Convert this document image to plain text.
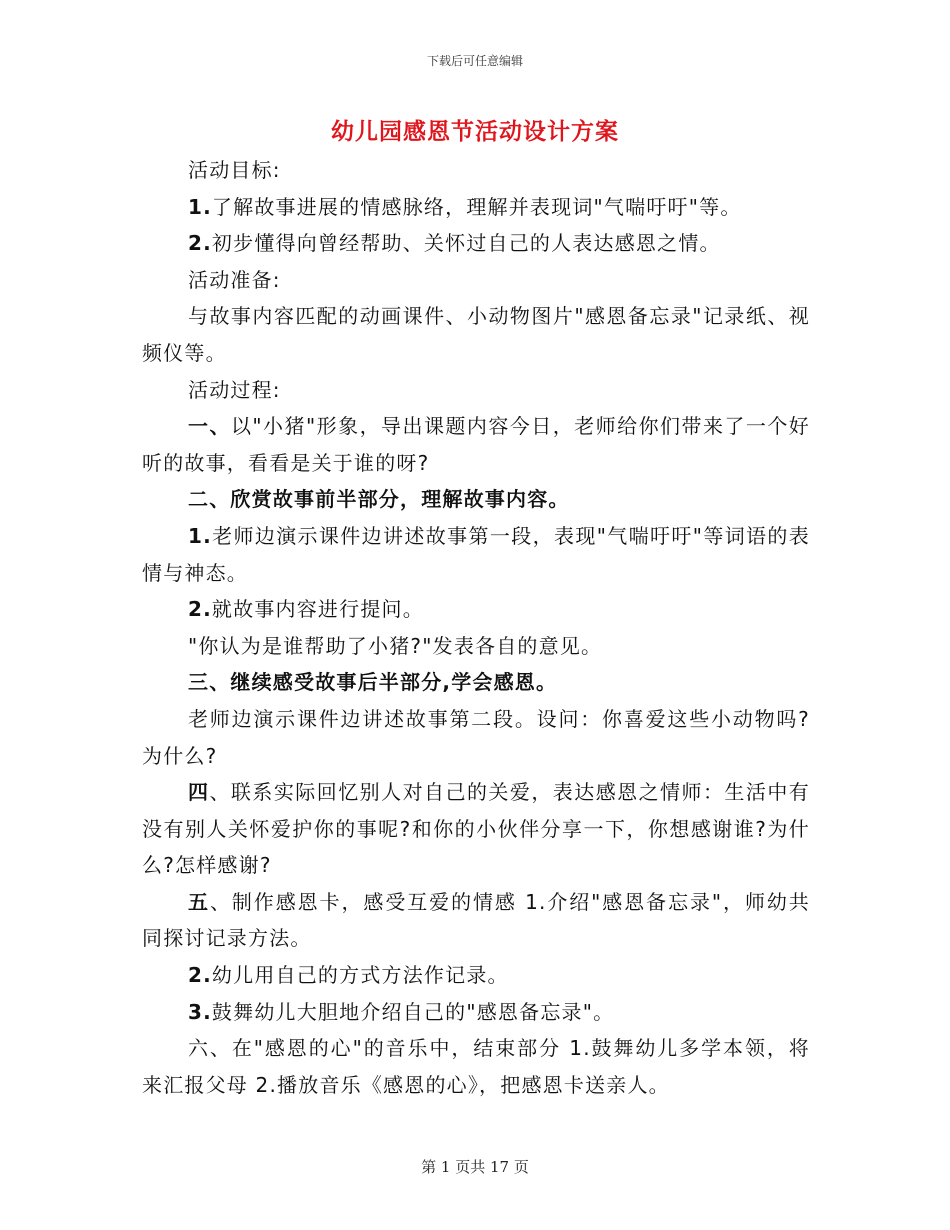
下载后可任意编辑
幼儿园感恩节活动设计方案

活动目标:

1.了解故事进展的情感脉络，理解并表现词"气喘吁吁"等。

2.初步懂得向曾经帮助、关怀过自己的人表达感恩之情。

活动准备:

与故事内容匹配的动画课件、小动物图片"感恩备忘录"记录纸、视频仪等。

活动过程:

一、以"小猪"形象，导出课题内容今日，老师给你们带来了一个好听的故事，看看是关于谁的呀?

二、欣赏故事前半部分，理解故事内容。

1.老师边演示课件边讲述故事第一段，表现"气喘吁吁"等词语的表情与神态。

2.就故事内容进行提问。

"你认为是谁帮助了小猪?"发表各自的意见。

三、继续感受故事后半部分,学会感恩。

老师边演示课件边讲述故事第二段。设问：你喜爱这些小动物吗?为什么?

四、联系实际回忆别人对自己的关爱，表达感恩之情师：生活中有没有别人关怀爱护你的事呢?和你的小伙伴分享一下，你想感谢谁?为什么?怎样感谢?

五、制作感恩卡，感受互爱的情感 1.介绍"感恩备忘录"，师幼共同探讨记录方法。

2.幼儿用自己的方式方法作记录。

3.鼓舞幼儿大胆地介绍自己的"感恩备忘录"。

六、在"感恩的心"的音乐中，结束部分 1.鼓舞幼儿多学本领，将来汇报父母 2.播放音乐《感恩的心》，把感恩卡送亲人。

第 1 页共 17 页
